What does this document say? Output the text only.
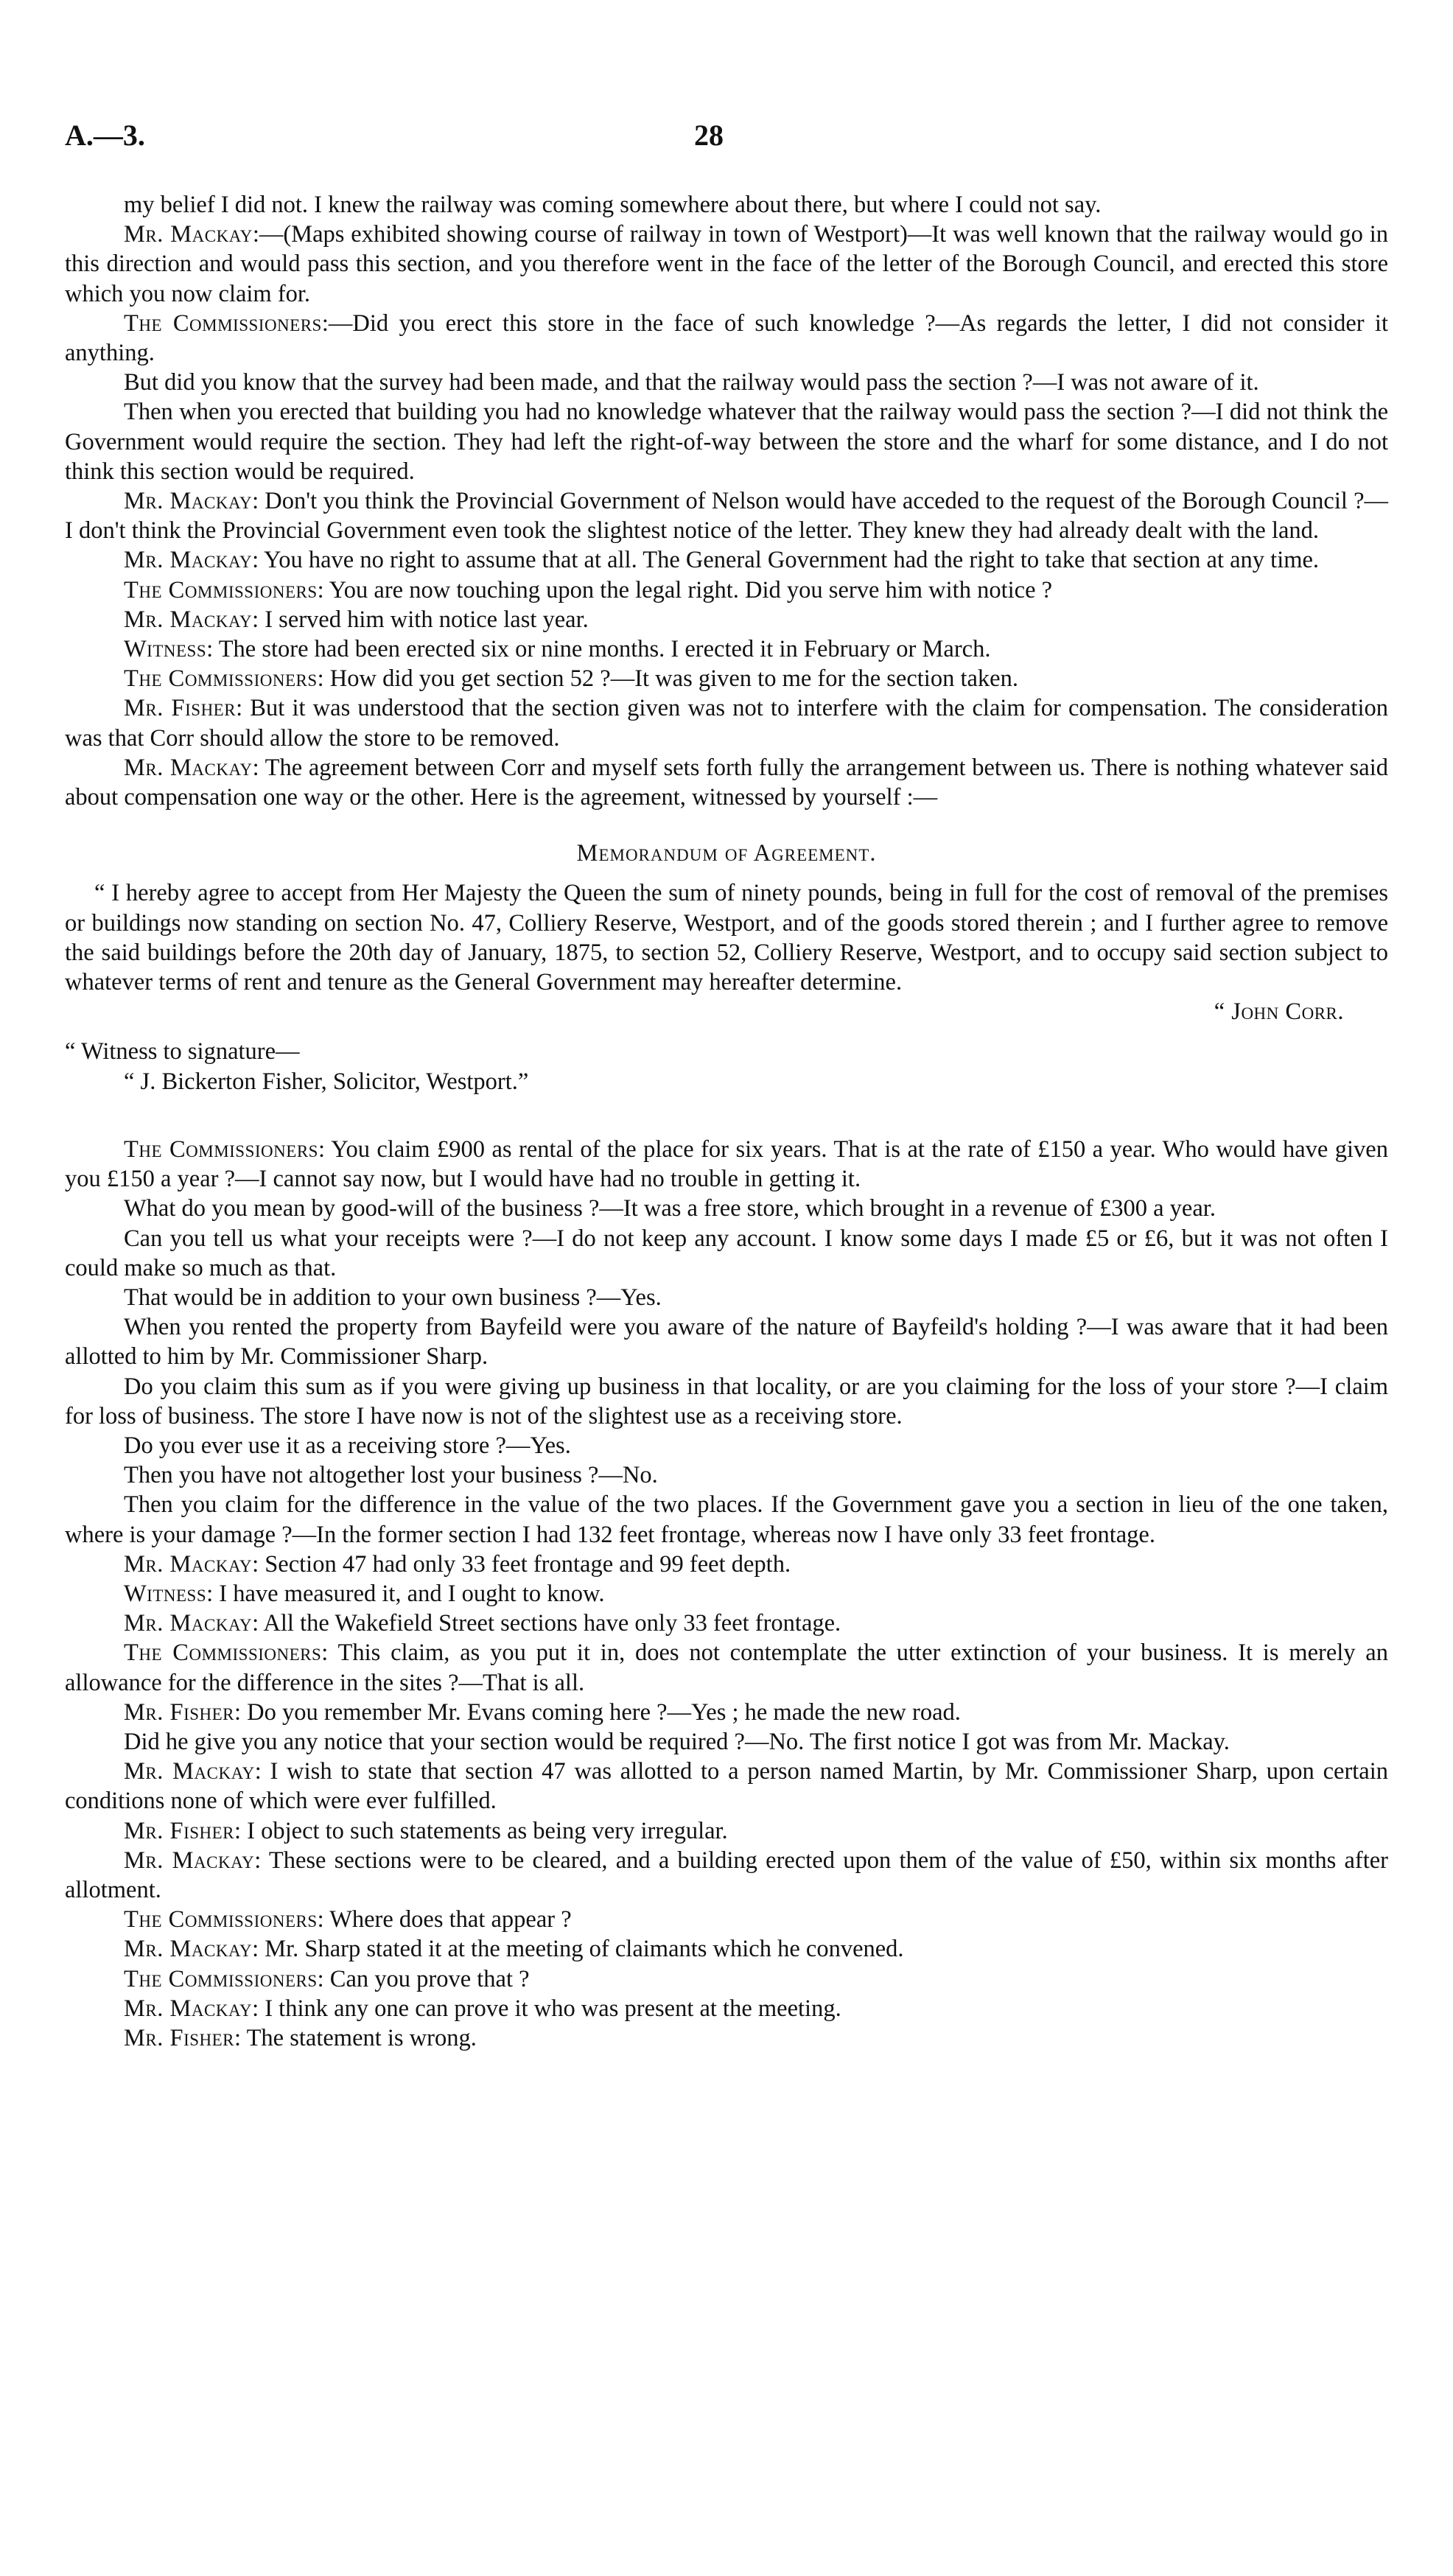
A.—3.	28

my belief I did not. I knew the railway was coming somewhere about there, but where I could not say.

Mr. Mackay:—(Maps exhibited showing course of railway in town of Westport)—It was well known that the railway would go in this direction and would pass this section, and you therefore went in the face of the letter of the Borough Council, and erected this store which you now claim for.

The Commissioners:—Did you erect this store in the face of such knowledge ?—As regards the letter, I did not consider it anything.

But did you know that the survey had been made, and that the railway would pass the section ?—I was not aware of it.

Then when you erected that building you had no knowledge whatever that the railway would pass the section ?—I did not think the Government would require the section. They had left the right-of-way between the store and the wharf for some distance, and I do not think this section would be required.

Mr. Mackay: Don't you think the Provincial Government of Nelson would have acceded to the request of the Borough Council ?—I don't think the Provincial Government even took the slightest notice of the letter. They knew they had already dealt with the land.

Mr. Mackay: You have no right to assume that at all. The General Government had the right to take that section at any time.

The Commissioners: You are now touching upon the legal right. Did you serve him with notice ?

Mr. Mackay: I served him with notice last year.

Witness: The store had been erected six or nine months. I erected it in February or March.

The Commissioners: How did you get section 52 ?—It was given to me for the section taken.

Mr. Fisher: But it was understood that the section given was not to interfere with the claim for compensation. The consideration was that Corr should allow the store to be removed.

Mr. Mackay: The agreement between Corr and myself sets forth fully the arrangement between us. There is nothing whatever said about compensation one way or the other. Here is the agreement, witnessed by yourself :—

Memorandum of Agreement.

“ I hereby agree to accept from Her Majesty the Queen the sum of ninety pounds, being in full for the cost of removal of the premises or buildings now standing on section No. 47, Colliery Reserve, Westport, and of the goods stored therein ; and I further agree to remove the said buildings before the 20th day of January, 1875, to section 52, Colliery Reserve, Westport, and to occupy said section subject to whatever terms of rent and tenure as the General Government may hereafter determine.

“ John Corr.

“ Witness to signature—

“ J. Bickerton Fisher, Solicitor, Westport.”

The Commissioners: You claim £900 as rental of the place for six years. That is at the rate of £150 a year. Who would have given you £150 a year ?—I cannot say now, but I would have had no trouble in getting it.

What do you mean by good-will of the business ?—It was a free store, which brought in a revenue of £300 a year.

Can you tell us what your receipts were ?—I do not keep any account. I know some days I made £5 or £6, but it was not often I could make so much as that.

That would be in addition to your own business ?—Yes.

When you rented the property from Bayfeild were you aware of the nature of Bayfeild's holding ?—I was aware that it had been allotted to him by Mr. Commissioner Sharp.

Do you claim this sum as if you were giving up business in that locality, or are you claiming for the loss of your store ?—I claim for loss of business. The store I have now is not of the slightest use as a receiving store.

Do you ever use it as a receiving store ?—Yes.

Then you have not altogether lost your business ?—No.

Then you claim for the difference in the value of the two places. If the Government gave you a section in lieu of the one taken, where is your damage ?—In the former section I had 132 feet frontage, whereas now I have only 33 feet frontage.

Mr. Mackay: Section 47 had only 33 feet frontage and 99 feet depth.

Witness: I have measured it, and I ought to know.

Mr. Mackay: All the Wakefield Street sections have only 33 feet frontage.

The Commissioners: This claim, as you put it in, does not contemplate the utter extinction of your business. It is merely an allowance for the difference in the sites ?—That is all.

Mr. Fisher: Do you remember Mr. Evans coming here ?—Yes ; he made the new road.

Did he give you any notice that your section would be required ?—No. The first notice I got was from Mr. Mackay.

Mr. Mackay: I wish to state that section 47 was allotted to a person named Martin, by Mr. Commissioner Sharp, upon certain conditions none of which were ever fulfilled.

Mr. Fisher: I object to such statements as being very irregular.

Mr. Mackay: These sections were to be cleared, and a building erected upon them of the value of £50, within six months after allotment.

The Commissioners: Where does that appear ?

Mr. Mackay: Mr. Sharp stated it at the meeting of claimants which he convened.

The Commissioners: Can you prove that ?

Mr. Mackay: I think any one can prove it who was present at the meeting.

Mr. Fisher: The statement is wrong.
